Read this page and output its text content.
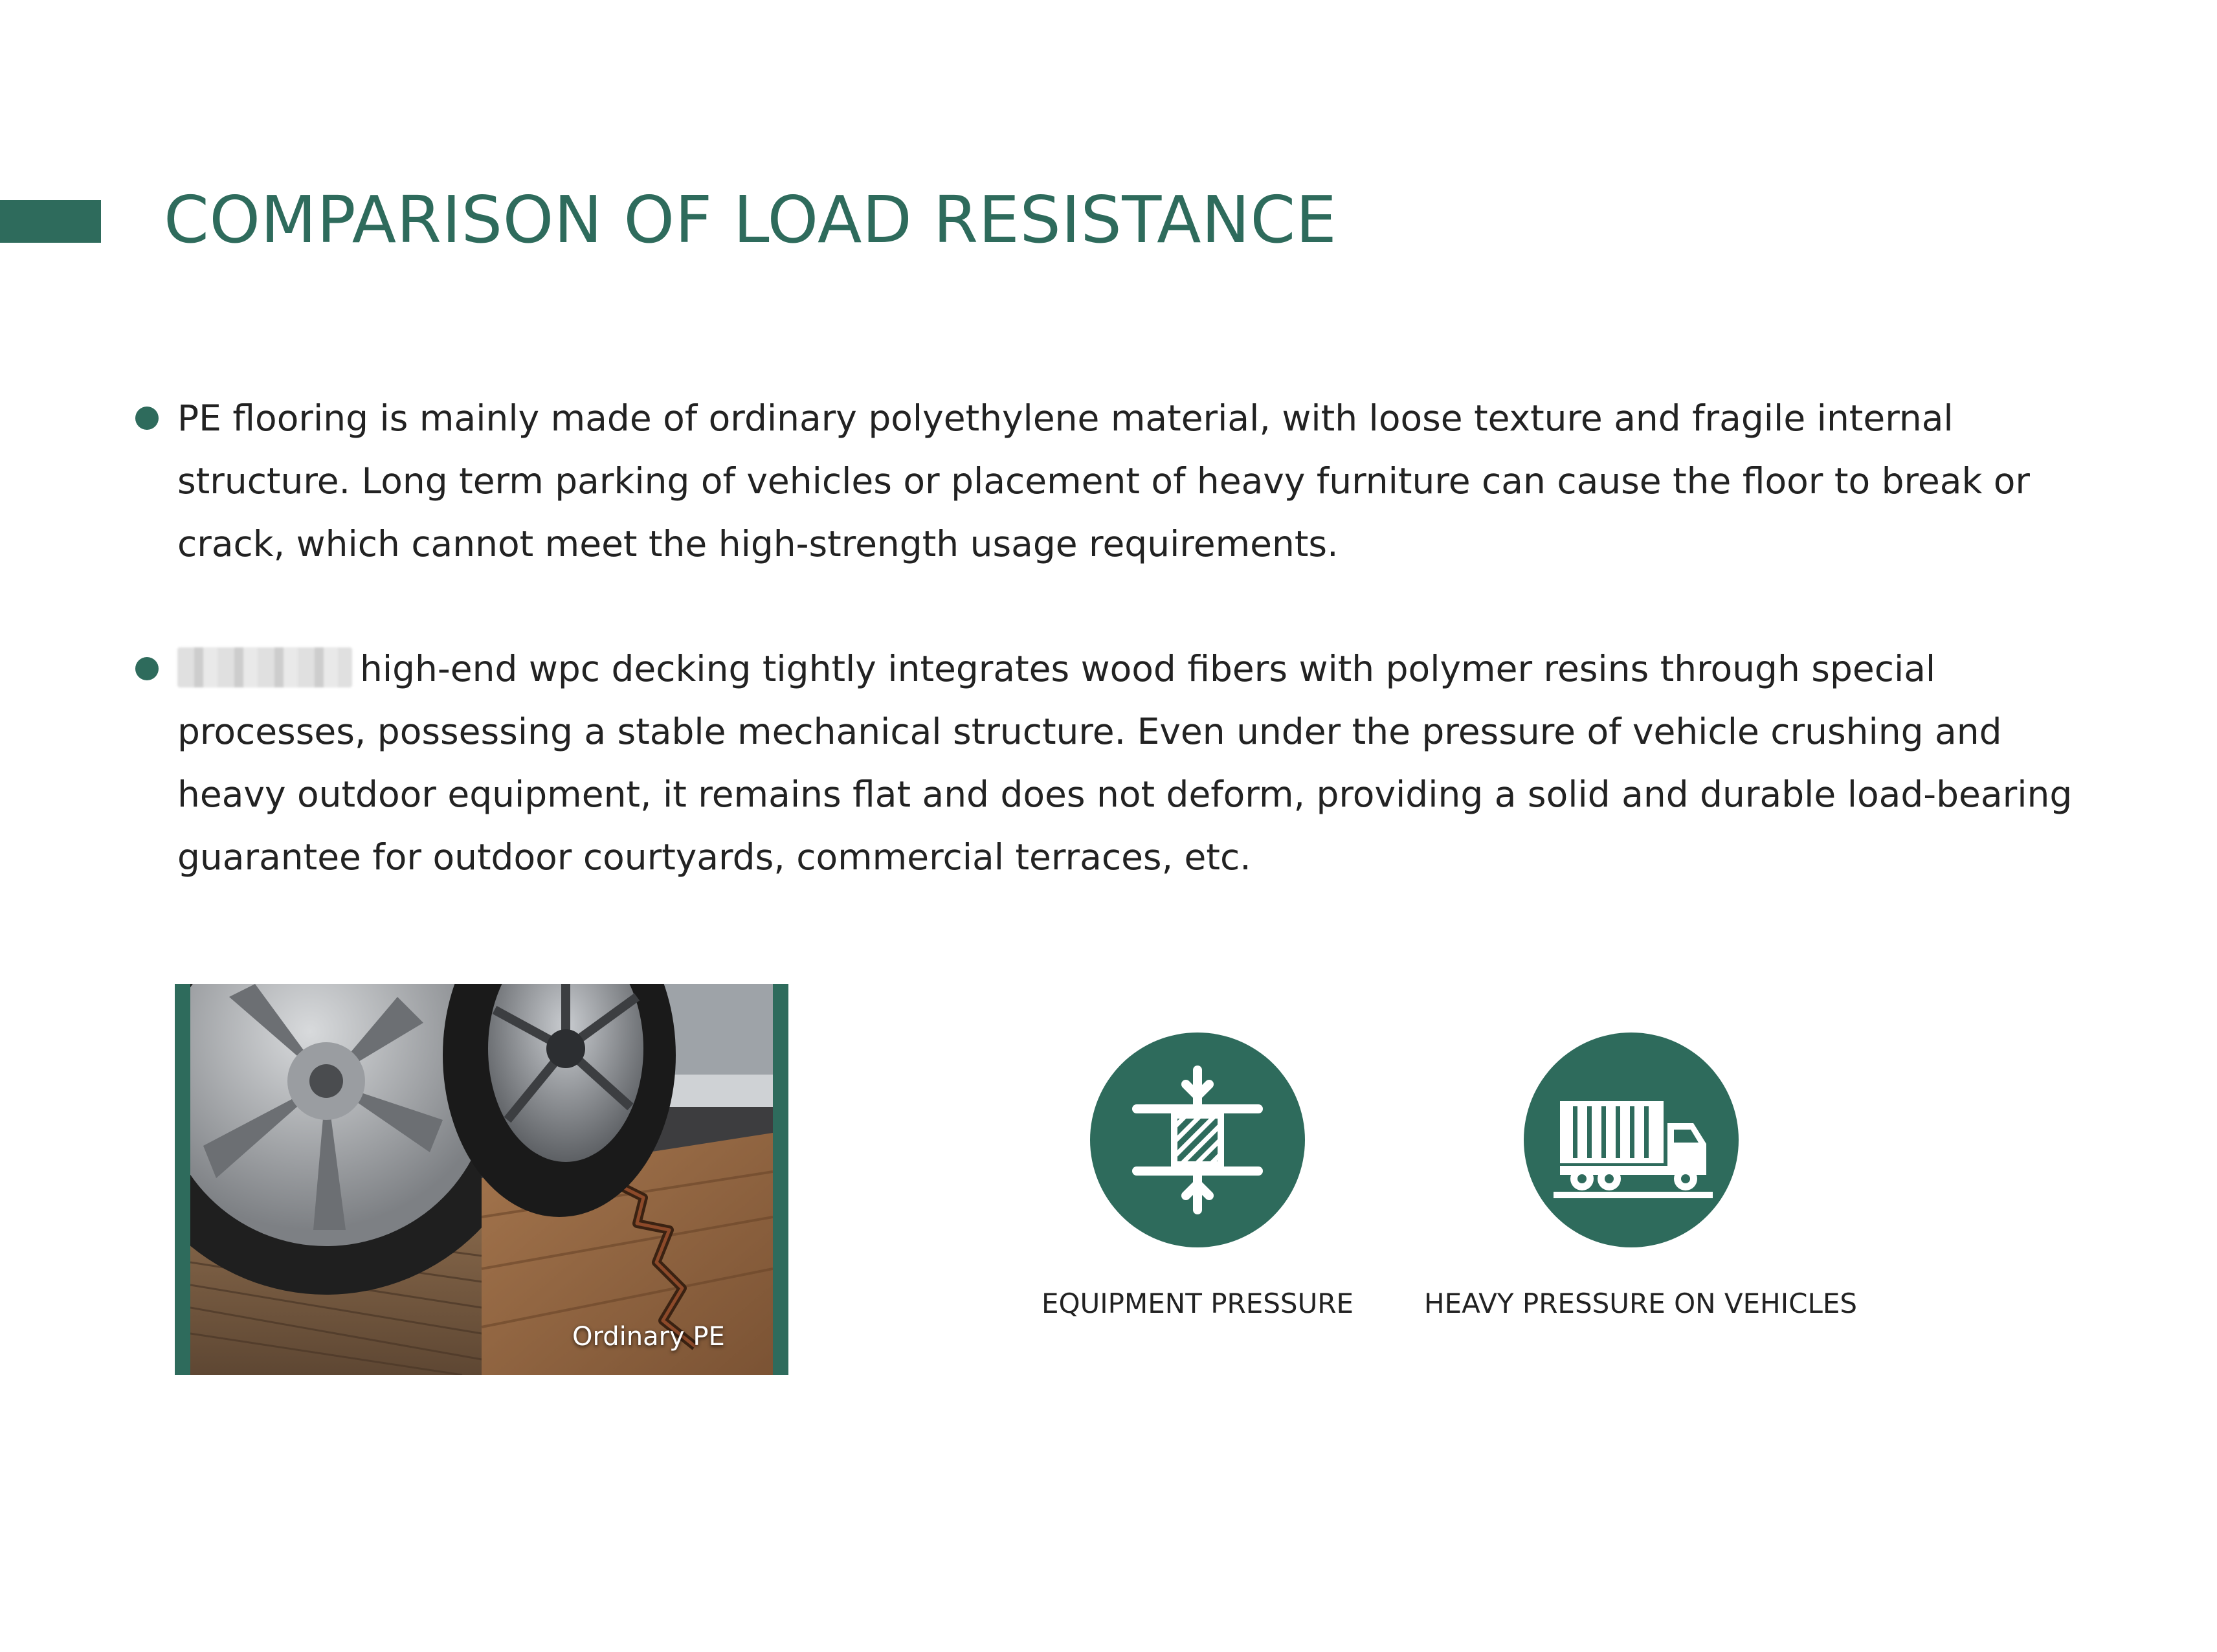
COMPARISON OF LOAD RESISTANCE

PE flooring is mainly made of ordinary polyethylene material, with loose texture and fragile internal structure. Long term parking of vehicles or placement of heavy furniture can cause the floor to break or crack, which cannot meet the high-strength usage requirements.

high-end wpc decking tightly integrates wood fibers with polymer resins through special processes, possessing a stable mechanical structure. Even under the pressure of vehicle crushing and heavy outdoor equipment, it remains flat and does not deform, providing a solid and durable load-bearing guarantee for outdoor courtyards, commercial terraces, etc.

Ordinary PE
EQUIPMENT PRESSURE	HEAVY PRESSURE ON VEHICLES
